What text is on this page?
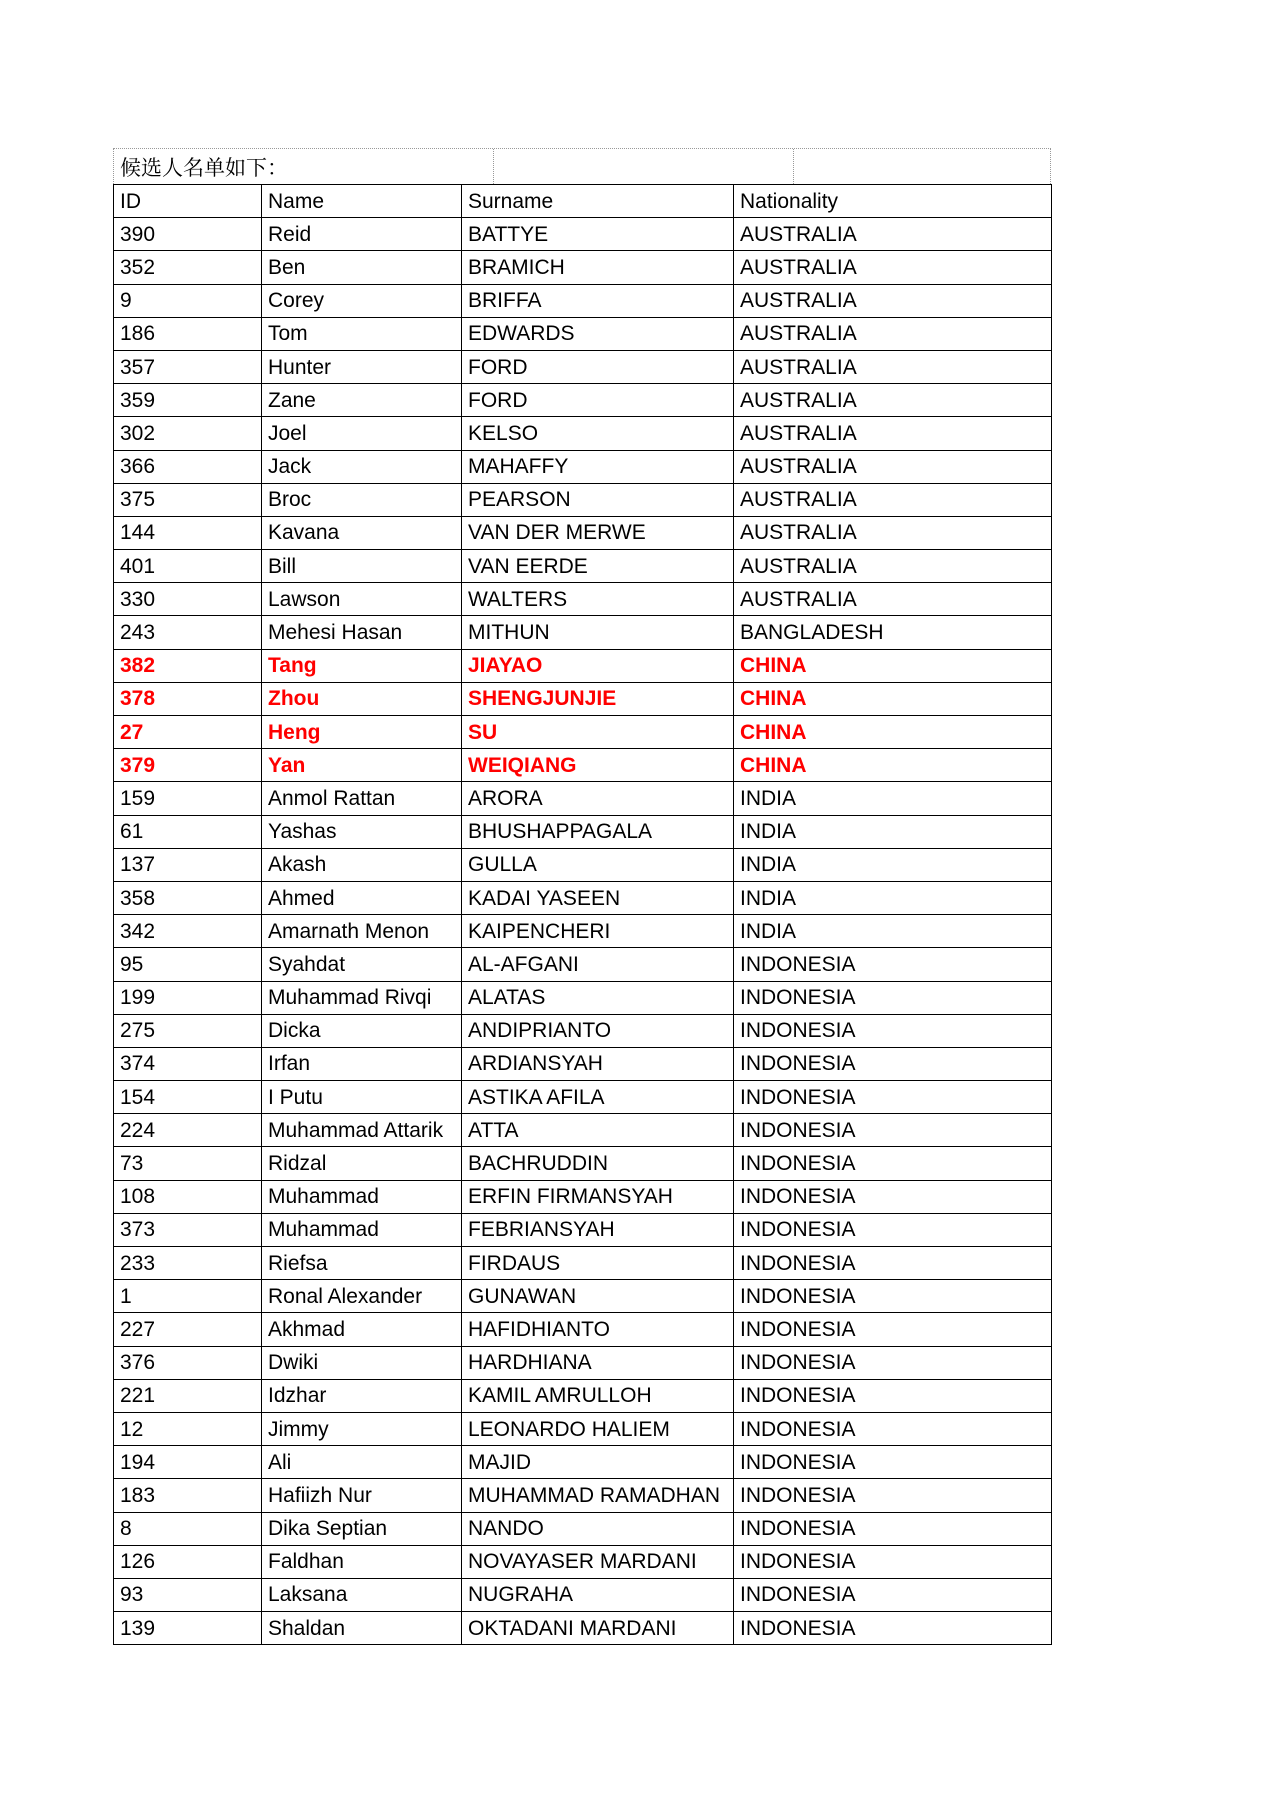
候选人名单如下：
ID	Name	Surname	Nationality
390	Reid	BATTYE	AUSTRALIA
352	Ben	BRAMICH	AUSTRALIA
9	Corey	BRIFFA	AUSTRALIA
186	Tom	EDWARDS	AUSTRALIA
357	Hunter	FORD	AUSTRALIA
359	Zane	FORD	AUSTRALIA
302	Joel	KELSO	AUSTRALIA
366	Jack	MAHAFFY	AUSTRALIA
375	Broc	PEARSON	AUSTRALIA
144	Kavana	VAN DER MERWE	AUSTRALIA
401	Bill	VAN EERDE	AUSTRALIA
330	Lawson	WALTERS	AUSTRALIA
243	Mehesi Hasan	MITHUN	BANGLADESH
382	Tang	JIAYAO	CHINA
378	Zhou	SHENGJUNJIE	CHINA
27	Heng	SU	CHINA
379	Yan	WEIQIANG	CHINA
159	Anmol Rattan	ARORA	INDIA
61	Yashas	BHUSHAPPAGALA	INDIA
137	Akash	GULLA	INDIA
358	Ahmed	KADAI YASEEN	INDIA
342	Amarnath Menon	KAIPENCHERI	INDIA
95	Syahdat	AL-AFGANI	INDONESIA
199	Muhammad Rivqi	ALATAS	INDONESIA
275	Dicka	ANDIPRIANTO	INDONESIA
374	Irfan	ARDIANSYAH	INDONESIA
154	I Putu	ASTIKA AFILA	INDONESIA
224	Muhammad Attarik	ATTA	INDONESIA
73	Ridzal	BACHRUDDIN	INDONESIA
108	Muhammad	ERFIN FIRMANSYAH	INDONESIA
373	Muhammad	FEBRIANSYAH	INDONESIA
233	Riefsa	FIRDAUS	INDONESIA
1	Ronal Alexander	GUNAWAN	INDONESIA
227	Akhmad	HAFIDHIANTO	INDONESIA
376	Dwiki	HARDHIANA	INDONESIA
221	Idzhar	KAMIL AMRULLOH	INDONESIA
12	Jimmy	LEONARDO HALIEM	INDONESIA
194	Ali	MAJID	INDONESIA
183	Hafiizh Nur	MUHAMMAD RAMADHAN	INDONESIA
8	Dika Septian	NANDO	INDONESIA
126	Faldhan	NOVAYASER MARDANI	INDONESIA
93	Laksana	NUGRAHA	INDONESIA
139	Shaldan	OKTADANI MARDANI	INDONESIA
